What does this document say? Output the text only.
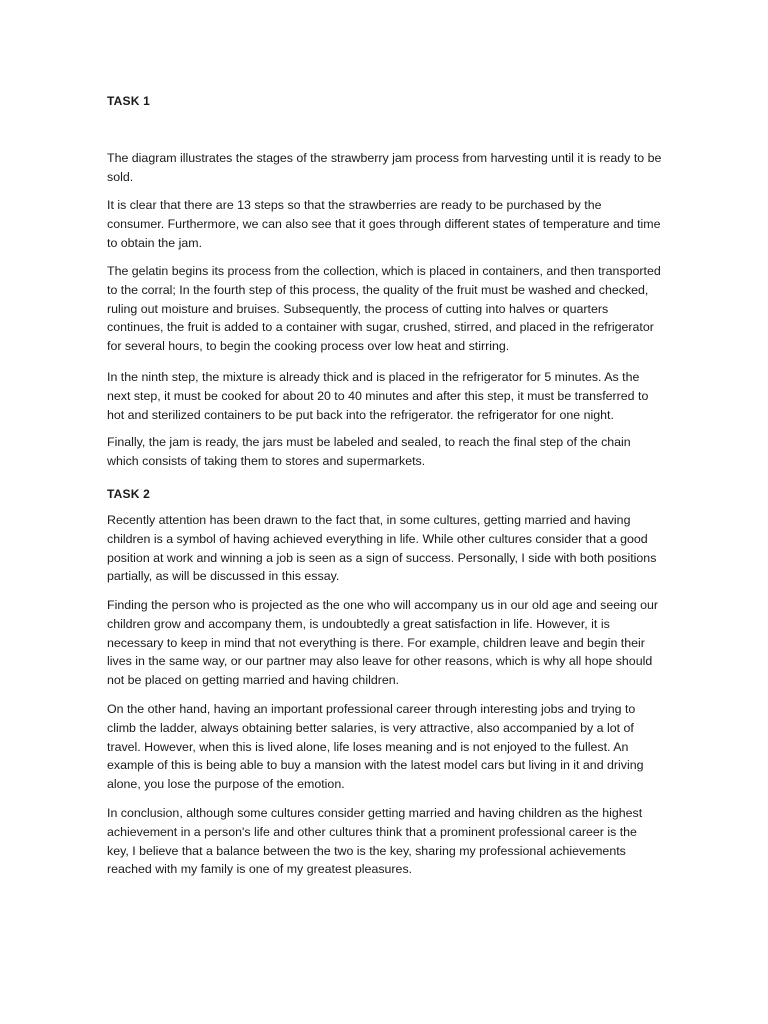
TASK 1

The diagram illustrates the stages of the strawberry jam process from harvesting until it is ready to be sold.

It is clear that there are 13 steps so that the strawberries are ready to be purchased by the consumer. Furthermore, we can also see that it goes through different states of temperature and time to obtain the jam.

The gelatin begins its process from the collection, which is placed in containers, and then transported to the corral; In the fourth step of this process, the quality of the fruit must be washed and checked, ruling out moisture and bruises. Subsequently, the process of cutting into halves or quarters continues, the fruit is added to a container with sugar, crushed, stirred, and placed in the refrigerator for several hours, to begin the cooking process over low heat and stirring.

In the ninth step, the mixture is already thick and is placed in the refrigerator for 5 minutes. As the next step, it must be cooked for about 20 to 40 minutes and after this step, it must be transferred to hot and sterilized containers to be put back into the refrigerator. the refrigerator for one night.

Finally, the jam is ready, the jars must be labeled and sealed, to reach the final step of the chain which consists of taking them to stores and supermarkets.

TASK 2

Recently attention has been drawn to the fact that, in some cultures, getting married and having children is a symbol of having achieved everything in life. While other cultures consider that a good position at work and winning a job is seen as a sign of success. Personally, I side with both positions partially, as will be discussed in this essay.

Finding the person who is projected as the one who will accompany us in our old age and seeing our children grow and accompany them, is undoubtedly a great satisfaction in life. However, it is necessary to keep in mind that not everything is there. For example, children leave and begin their lives in the same way, or our partner may also leave for other reasons, which is why all hope should not be placed on getting married and having children.

On the other hand, having an important professional career through interesting jobs and trying to climb the ladder, always obtaining better salaries, is very attractive, also accompanied by a lot of travel. However, when this is lived alone, life loses meaning and is not enjoyed to the fullest. An example of this is being able to buy a mansion with the latest model cars but living in it and driving alone, you lose the purpose of the emotion.

In conclusion, although some cultures consider getting married and having children as the highest achievement in a person's life and other cultures think that a prominent professional career is the key, I believe that a balance between the two is the key, sharing my professional achievements reached with my family is one of my greatest pleasures.
